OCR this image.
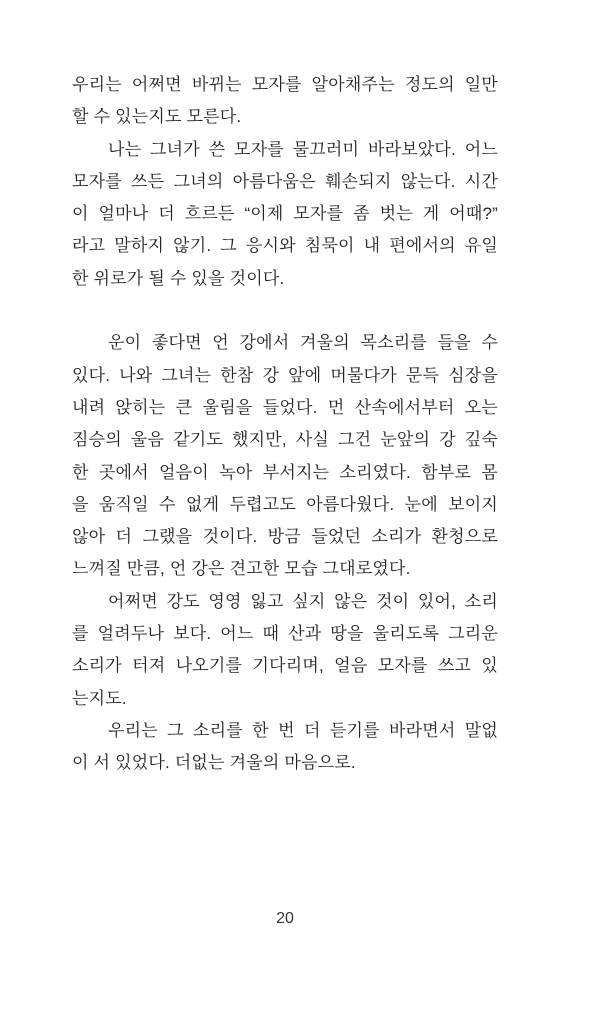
우리는 어쩌면 바뀌는 모자를 알아채주는 정도의 일만
할 수 있는지도 모른다.
나는 그녀가 쓴 모자를 물끄러미 바라보았다. 어느
모자를 쓰든 그녀의 아름다움은 훼손되지 않는다. 시간
이 얼마나 더 흐르든 “이제 모자를 좀 벗는 게 어때?”
라고 말하지 않기. 그 응시와 침묵이 내 편에서의 유일
한 위로가 될 수 있을 것이다.
운이 좋다면 언 강에서 겨울의 목소리를 들을 수
있다. 나와 그녀는 한참 강 앞에 머물다가 문득 심장을
내려 앉히는 큰 울림을 들었다. 먼 산속에서부터 오는
짐승의 울음 같기도 했지만, 사실 그건 눈앞의 강 깊숙
한 곳에서 얼음이 녹아 부서지는 소리였다. 함부로 몸
을 움직일 수 없게 두렵고도 아름다웠다. 눈에 보이지
않아 더 그랬을 것이다. 방금 들었던 소리가 환청으로
느껴질 만큼, 언 강은 견고한 모습 그대로였다.
어쩌면 강도 영영 잃고 싶지 않은 것이 있어, 소리
를 얼려두나 보다. 어느 때 산과 땅을 울리도록 그리운
소리가 터져 나오기를 기다리며, 얼음 모자를 쓰고 있
는지도.
우리는 그 소리를 한 번 더 듣기를 바라면서 말없
이 서 있었다. 더없는 겨울의 마음으로.
20
